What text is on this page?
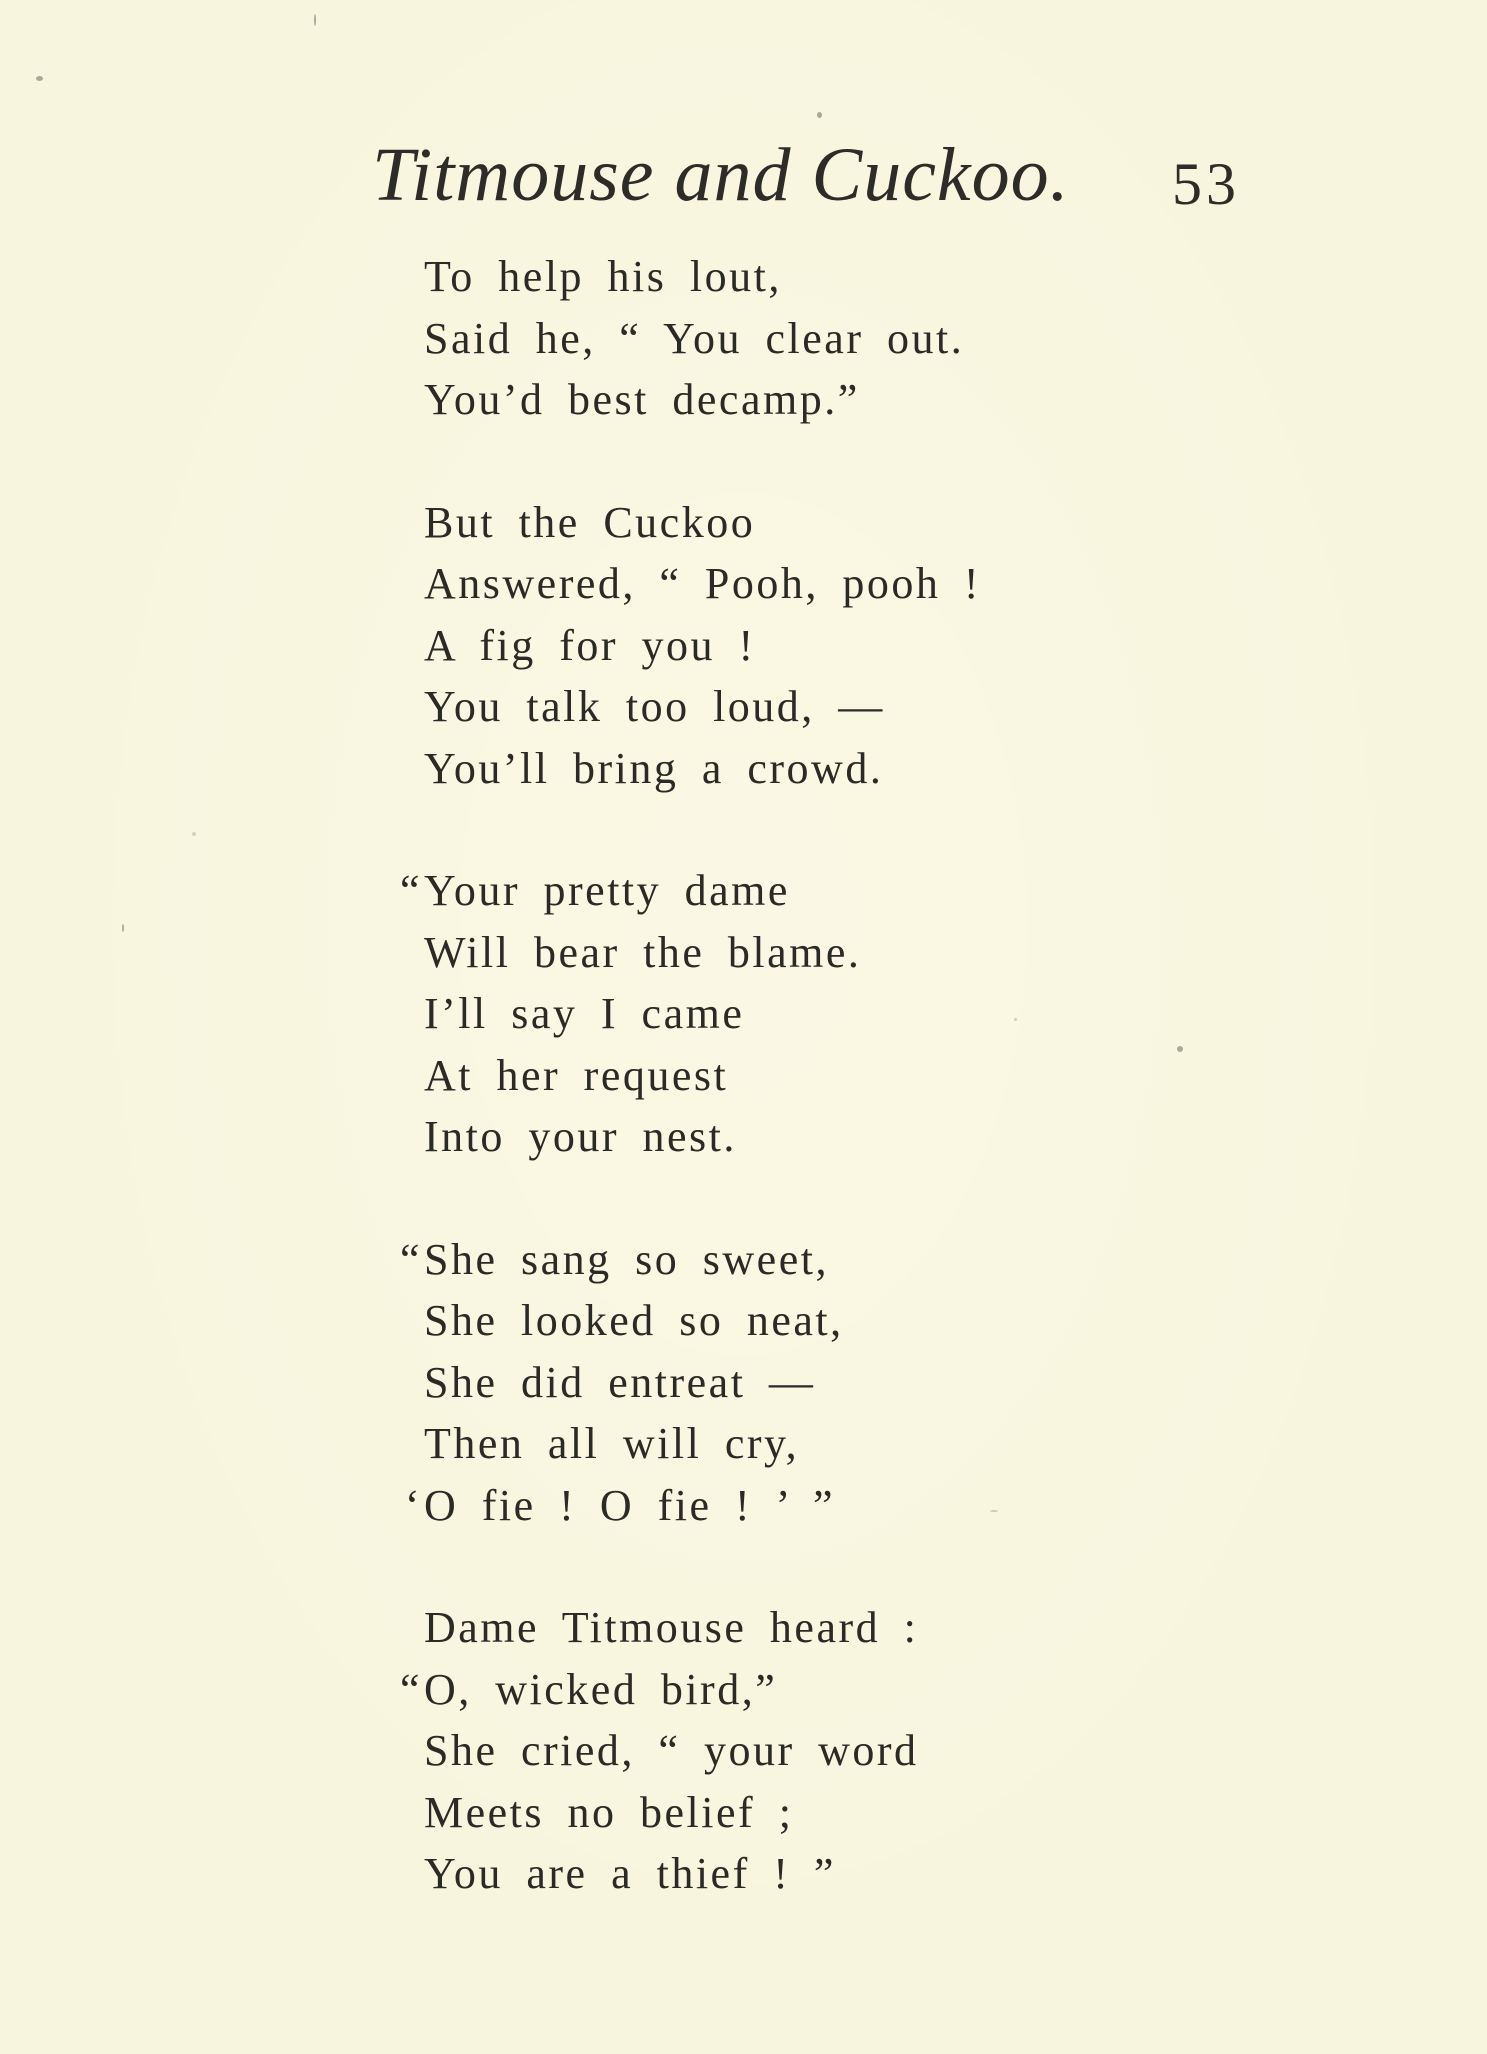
Titmouse and Cuckoo. 53
To help his lout,
Said he, “ You clear out.
You’d best decamp.”
But the Cuckoo
Answered, “ Pooh, pooh !
A fig for you !
You talk too loud, —
You’ll bring a crowd.
“ Your pretty dame
Will bear the blame.
I’ll say I came
At her request
Into your nest.
“ She sang so sweet,
She looked so neat,
She did entreat —
Then all will cry,
‘ O fie ! O fie ! ’ ”
Dame Titmouse heard :
“ O, wicked bird,”
She cried, “ your word
Meets no belief ;
You are a thief ! ”
